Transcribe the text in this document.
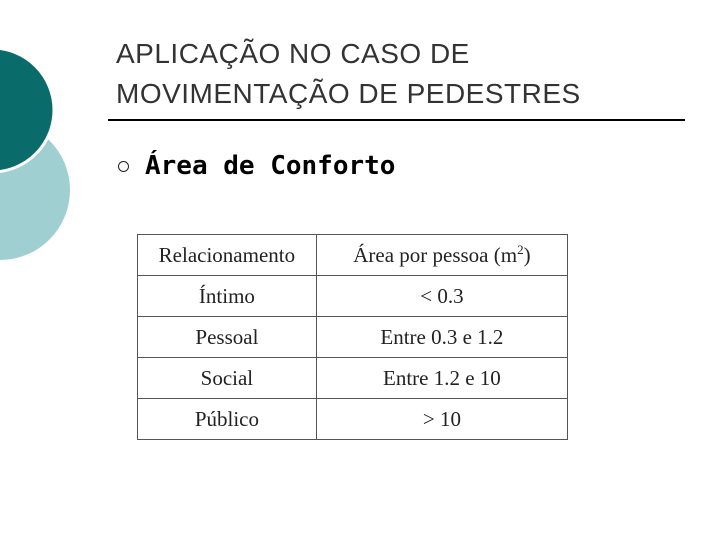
APLICAÇÃO NO CASO DE
MOVIMENTAÇÃO DE PEDESTRES
Área de Conforto
Relacionamento	Área por pessoa $(m^2)$
Íntimo	< 0.3
Pessoal	Entre 0.3 e 1.2
Social	Entre 1.2 e 10
Público	> 10
